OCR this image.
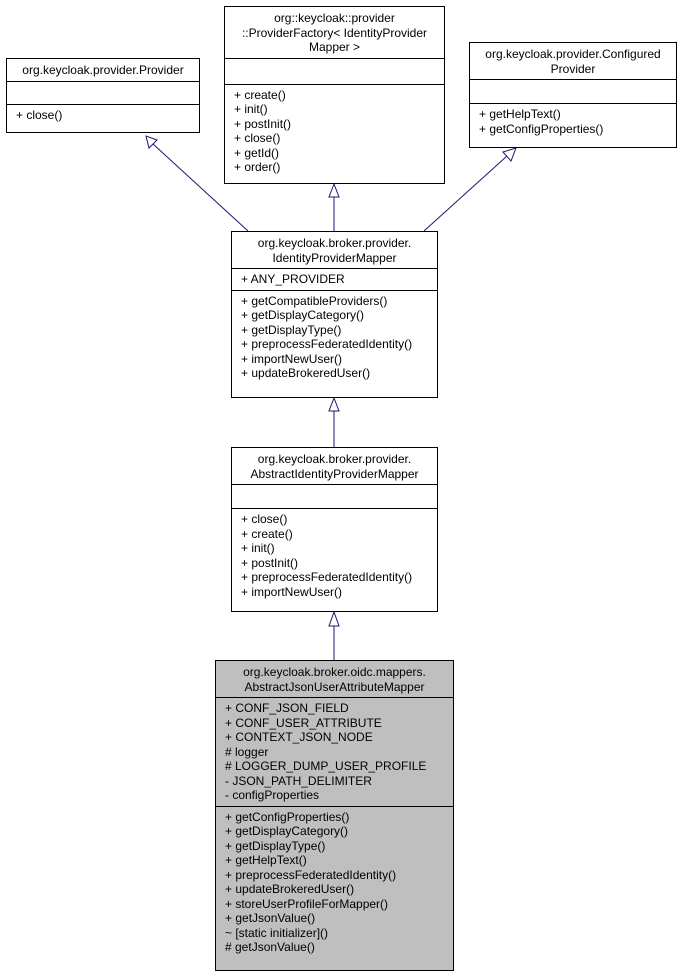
org.keycloak.provider.Provider
+ close()
org::keycloak::provider
::ProviderFactory< IdentityProvider
Mapper >
+ create()
+ init()
+ postInit()
+ close()
+ getId()
+ order()
org.keycloak.provider.Configured
Provider
+ getHelpText()
+ getConfigProperties()
org.keycloak.broker.provider.
IdentityProviderMapper
+ ANY_PROVIDER
+ getCompatibleProviders()
+ getDisplayCategory()
+ getDisplayType()
+ preprocessFederatedIdentity()
+ importNewUser()
+ updateBrokeredUser()
org.keycloak.broker.provider.
AbstractIdentityProviderMapper
+ close()
+ create()
+ init()
+ postInit()
+ preprocessFederatedIdentity()
+ importNewUser()
org.keycloak.broker.oidc.mappers.
AbstractJsonUserAttributeMapper
+ CONF_JSON_FIELD
+ CONF_USER_ATTRIBUTE
+ CONTEXT_JSON_NODE
# logger
# LOGGER_DUMP_USER_PROFILE
- JSON_PATH_DELIMITER
- configProperties
+ getConfigProperties()
+ getDisplayCategory()
+ getDisplayType()
+ getHelpText()
+ preprocessFederatedIdentity()
+ updateBrokeredUser()
+ storeUserProfileForMapper()
+ getJsonValue()
~ [static initializer]()
# getJsonValue()
